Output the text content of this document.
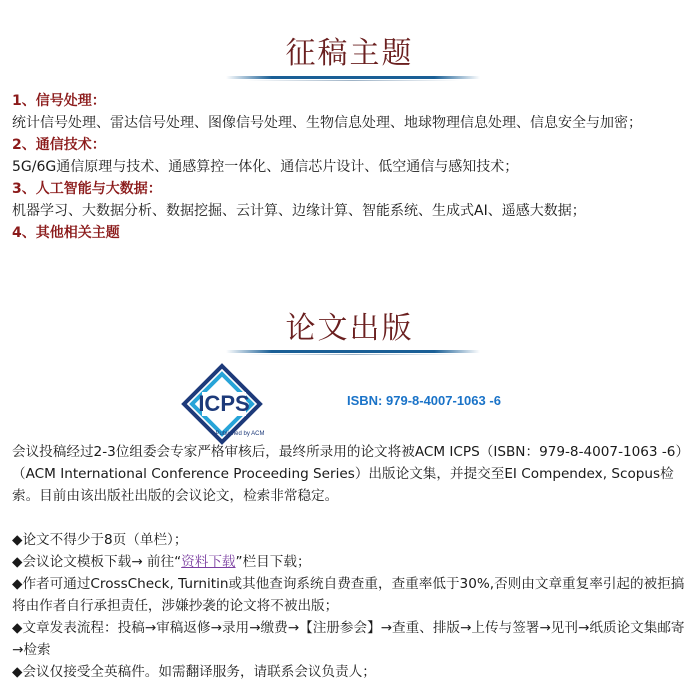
征稿主题
1、信号处理：
统计信号处理、雷达信号处理、图像信号处理、生物信息处理、地球物理信息处理、信息安全与加密；
2、通信技术：
5G/6G通信原理与技术、通感算控一体化、通信芯片设计、低空通信与感知技术；
3、人工智能与大数据：
机器学习、大数据分析、数据挖掘、云计算、边缘计算、智能系统、生成式AI、遥感大数据；
4、其他相关主题
论文出版
ICPS
Published by ACM
ISBN: 979-8-4007-1063 -6

会议投稿经过2-3位组委会专家严格审核后，最终所录用的论文将被ACM ICPS（ISBN：979-8-4007-1063 -6）（ACM International Conference Proceeding Series）出版论文集，并提交至EI Compendex, Scopus检索。目前由该出版社出版的会议论文，检索非常稳定。

◆论文不得少于8页（单栏）；

◆会议论文模板下载→ 前往“资料下载”栏目下载；

◆作者可通过CrossCheck, Turnitin或其他查询系统自费查重，查重率低于30%,否则由文章重复率引起的被拒搞将由作者自行承担责任，涉嫌抄袭的论文将不被出版；

◆文章发表流程：投稿→审稿返修→录用→缴费→【注册参会】→查重、排版→上传与签署→见刊→纸质论文集邮寄→检索

◆会议仅接受全英稿件。如需翻译服务，请联系会议负责人；
